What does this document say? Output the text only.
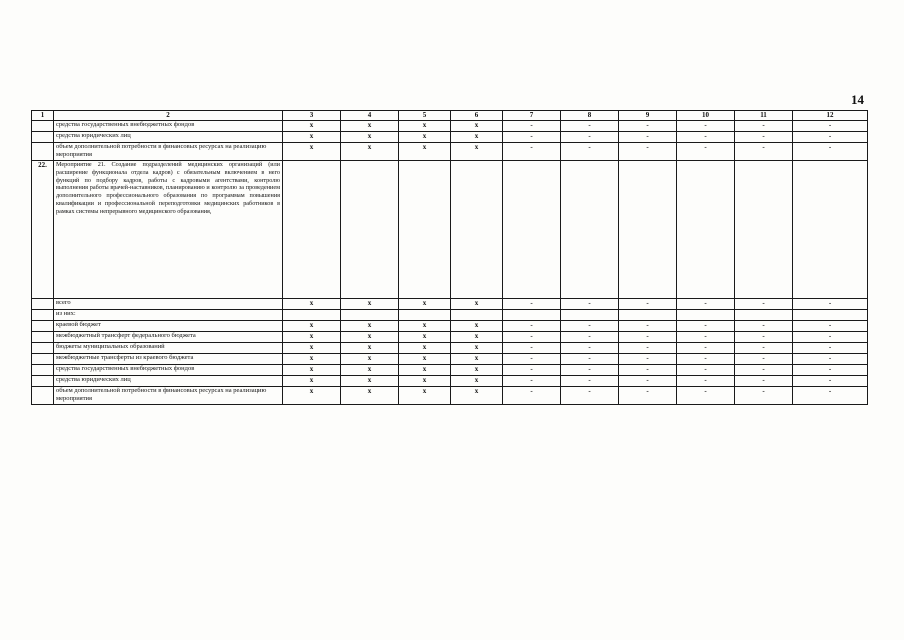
14
1	2	3	4	5	6	7	8	9	10	11	12
	средства государственных внебюджетных фондов	x	x	x	x	-	-	-	-	-	-
	средства юридических лиц	x	x	x	x	-	-	-	-	-	-
	объем дополнительной потребности в финансовых ресурсах на реализацию мероприятия	x	x	x	x	-	-	-	-	-	-
22.	Мероприятие 21. Создание подразделений медицинских организаций (или расширение функционала отдела кадров) с обязательным включением в него функций по подбору кадров, работы с кадровыми агентствами, контролю выполнения работы врачей-наставников, планированию и контролю за проведением дополнительного профессионального образования по программам повышения квалификации и профессиональной переподготовки медицинских работников в рамках системы непрерывного медицинского образования,										
	всего	x	x	x	x	-	-	-	-	-	-
	из них:										
	краевой бюджет	x	x	x	x	-	-	-	-	-	-
	межбюджетный трансферт федерального бюджета	x	x	x	x	-	-	-	-	-	-
	бюджеты муниципальных образований	x	x	x	x	-	-	-	-	-	-
	межбюджетные трансферты из краевого бюджета	x	x	x	x	-	-	-	-	-	-
	средства государственных внебюджетных фондов	x	x	x	x	-	-	-	-	-	-
	средства юридических лиц	x	x	x	x	-	-	-	-	-	-
	объем дополнительной потребности в финансовых ресурсах на реализацию мероприятия	x	x	x	x	-	-	-	-	-	-
